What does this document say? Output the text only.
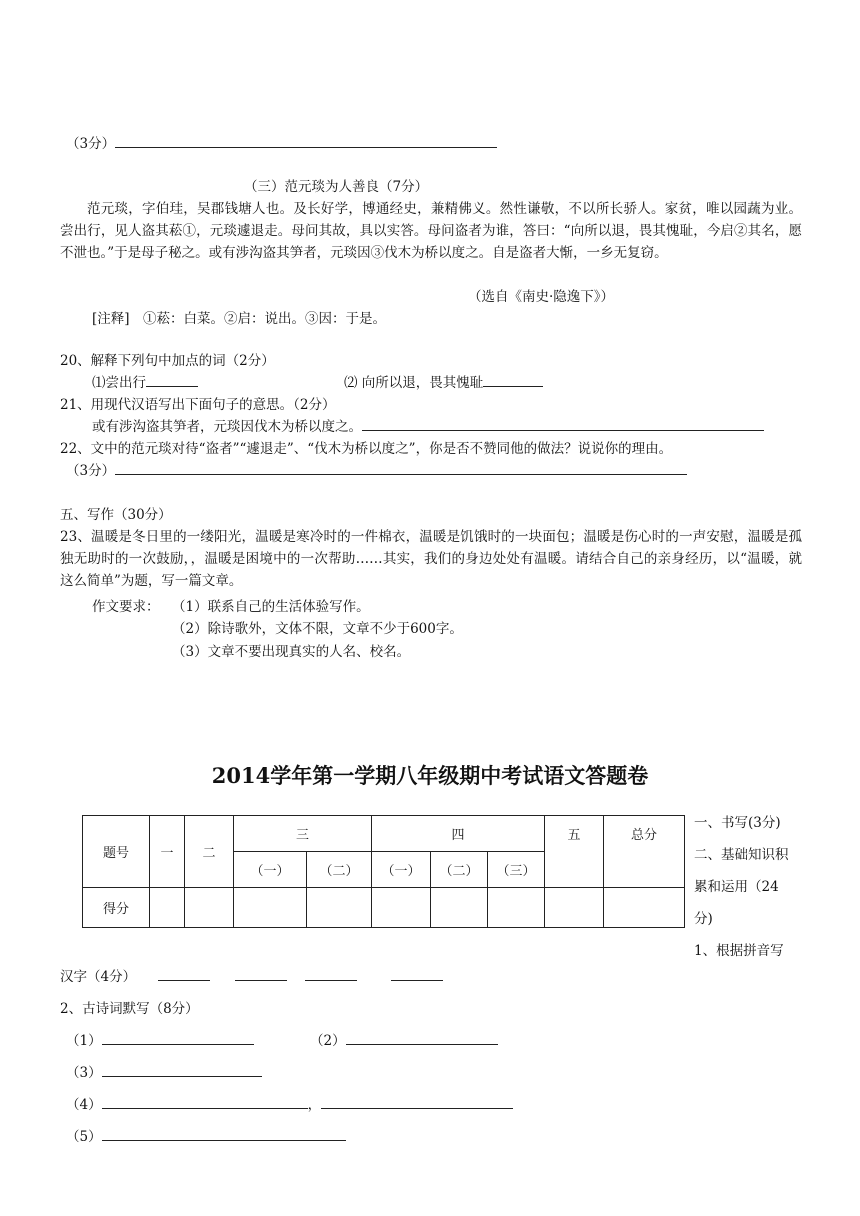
（3分）
（三）范元琰为人善良（7分）
范元琰，字伯珪，吴郡钱塘人也。及长好学，博通经史，兼精佛义。然性谦敬，不以所长骄人。家贫，唯以园蔬为业。尝出行，见人盗其菘①，元琰遽退走。母问其故，具以实答。母问盗者为谁，答曰：“向所以退，畏其愧耻，今启②其名，愿不泄也。”于是母子秘之。或有涉沟盗其笋者，元琰因③伐木为桥以度之。自是盗者大惭，一乡无复窃。
（选自《南史·隐逸下》）
[注释]　①菘：白菜。②启：说出。③因：于是。
20、解释下列句中加点的词（2分）
⑴尝出行	⑵ 向所以退，畏其愧耻
21、用现代汉语写出下面句子的意思。（2分）
或有涉沟盗其笋者，元琰因伐木为桥以度之。
22、文中的范元琰对待“盗者”“遽退走”、“伐木为桥以度之”，你是否不赞同他的做法？说说你的理由。
（3分）
五、写作（30分）
23、温暖是冬日里的一缕阳光，温暖是寒冷时的一件棉衣，温暖是饥饿时的一块面包；温暖是伤心时的一声安慰，温暖是孤独无助时的一次鼓励，，温暖是困境中的一次帮助……其实，我们的身边处处有温暖。请结合自己的亲身经历，以“温暖，就这么简单”为题，写一篇文章。
作文要求： （1）联系自己的生活体验写作。
（2）除诗歌外，文体不限，文章不少于600字。
（3）文章不要出现真实的人名、校名。
2014学年第一学期八年级期中考试语文答题卷
题号	一	二	三		四			五	总分
			（一）	（二）	（一）	（二）	（三）		
得分									
一、书写(3分)
二、基础知识积
累和运用（24
分)
1、根据拼音写
汉字（4分）
2、古诗词默写（8分）
（1）	（2）
（3）
（4）	，
（5）
